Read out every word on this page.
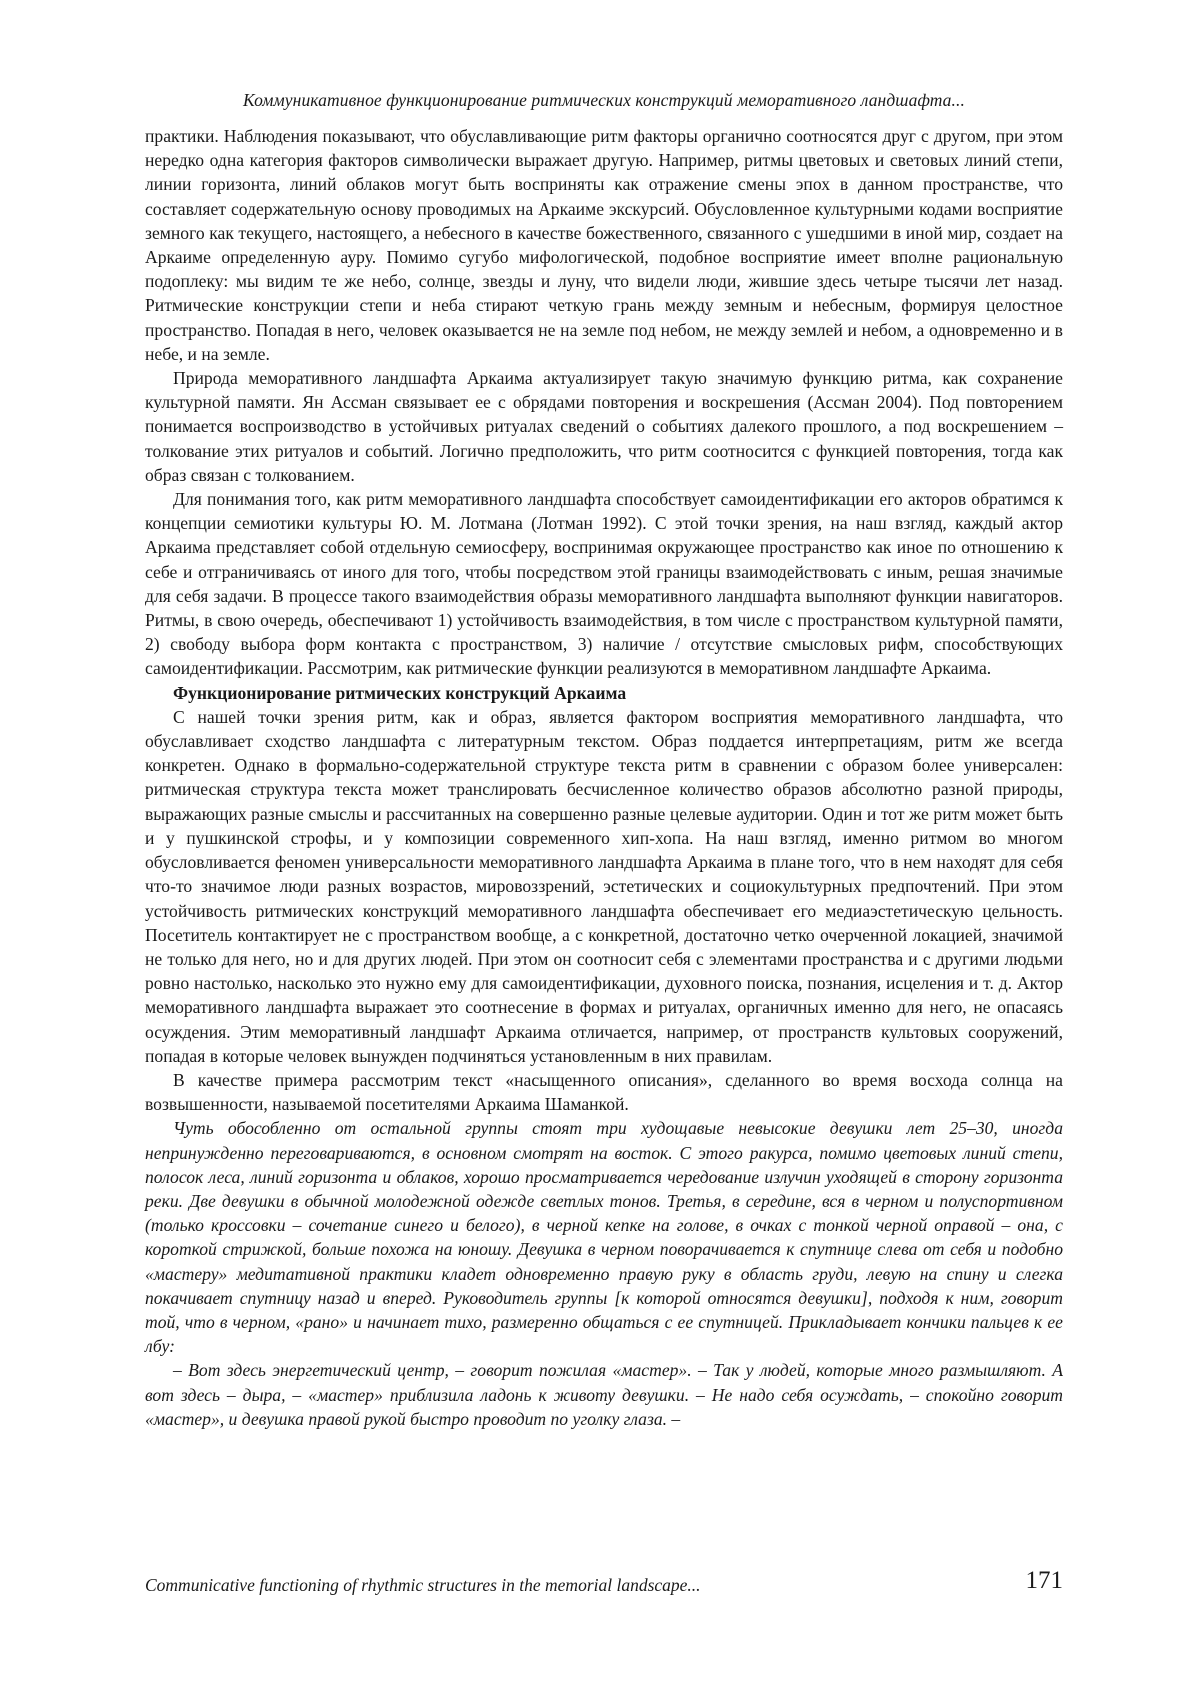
Коммуникативное функционирование ритмических конструкций меморативного ландшафта...

практики. Наблюдения показывают, что обуславливающие ритм факторы органично соотносятся друг с другом, при этом нередко одна категория факторов символически выражает другую. Например, ритмы цветовых и световых линий степи, линии горизонта, линий облаков могут быть восприняты как отражение смены эпох в данном пространстве, что составляет содержательную основу проводимых на Аркаиме экскурсий. Обусловленное культурными кодами восприятие земного как текущего, настоящего, а небесного в качестве божественного, связанного с ушедшими в иной мир, создает на Аркаиме определенную ауру. Помимо сугубо мифологической, подобное восприятие имеет вполне рациональную подоплеку: мы видим те же небо, солнце, звезды и луну, что видели люди, жившие здесь четыре тысячи лет назад. Ритмические конструкции степи и неба стирают четкую грань между земным и небесным, формируя целостное пространство. Попадая в него, человек оказывается не на земле под небом, не между землей и небом, а одновременно и в небе, и на земле.

Природа меморативного ландшафта Аркаима актуализирует такую значимую функцию ритма, как сохранение культурной памяти. Ян Ассман связывает ее с обрядами повторения и воскрешения (Ассман 2004). Под повторением понимается воспроизводство в устойчивых ритуалах сведений о событиях далекого прошлого, а под воскрешением – толкование этих ритуалов и событий. Логично предположить, что ритм соотносится с функцией повторения, тогда как образ связан с толкованием.

Для понимания того, как ритм меморативного ландшафта способствует самоидентификации его акторов обратимся к концепции семиотики культуры Ю. М. Лотмана (Лотман 1992). С этой точки зрения, на наш взгляд, каждый актор Аркаима представляет собой отдельную семиосферу, воспринимая окружающее пространство как иное по отношению к себе и отграничиваясь от иного для того, чтобы посредством этой границы взаимодействовать с иным, решая значимые для себя задачи. В процессе такого взаимодействия образы меморативного ландшафта выполняют функции навигаторов. Ритмы, в свою очередь, обеспечивают 1) устойчивость взаимодействия, в том числе с пространством культурной памяти, 2) свободу выбора форм контакта с пространством, 3) наличие / отсутствие смысловых рифм, способствующих самоидентификации. Рассмотрим, как ритмические функции реализуются в меморативном ландшафте Аркаима.

Функционирование ритмических конструкций Аркаима

С нашей точки зрения ритм, как и образ, является фактором восприятия меморативного ландшафта, что обуславливает сходство ландшафта с литературным текстом. Образ поддается интерпретациям, ритм же всегда конкретен. Однако в формально-содержательной структуре текста ритм в сравнении с образом более универсален: ритмическая структура текста может транслировать бесчисленное количество образов абсолютно разной природы, выражающих разные смыслы и рассчитанных на совершенно разные целевые аудитории. Один и тот же ритм может быть и у пушкинской строфы, и у композиции современного хип-хопа. На наш взгляд, именно ритмом во многом обусловливается феномен универсальности меморативного ландшафта Аркаима в плане того, что в нем находят для себя что-то значимое люди разных возрастов, мировоззрений, эстетических и социокультурных предпочтений. При этом устойчивость ритмических конструкций меморативного ландшафта обеспечивает его медиаэстетическую цельность. Посетитель контактирует не с пространством вообще, а с конкретной, достаточно четко очерченной локацией, значимой не только для него, но и для других людей. При этом он соотносит себя с элементами пространства и с другими людьми ровно настолько, насколько это нужно ему для самоидентификации, духовного поиска, познания, исцеления и т. д. Актор меморативного ландшафта выражает это соотнесение в формах и ритуалах, органичных именно для него, не опасаясь осуждения. Этим меморативный ландшафт Аркаима отличается, например, от пространств культовых сооружений, попадая в которые человек вынужден подчиняться установленным в них правилам.

В качестве примера рассмотрим текст «насыщенного описания», сделанного во время восхода солнца на возвышенности, называемой посетителями Аркаима Шаманкой.

Чуть обособленно от остальной группы стоят три худощавые невысокие девушки лет 25–30, иногда непринужденно переговариваются, в основном смотрят на восток. С этого ракурса, помимо цветовых линий степи, полосок леса, линий горизонта и облаков, хорошо просматривается чередование излучин уходящей в сторону горизонта реки. Две девушки в обычной молодежной одежде светлых тонов. Третья, в середине, вся в черном и полуспортивном (только кроссовки – сочетание синего и белого), в черной кепке на голове, в очках с тонкой черной оправой – она, с короткой стрижкой, больше похожа на юношу. Девушка в черном поворачивается к спутнице слева от себя и подобно «мастеру» медитативной практики кладет одновременно правую руку в область груди, левую на спину и слегка покачивает спутницу назад и вперед. Руководитель группы [к которой относятся девушки], подходя к ним, говорит той, что в черном, «рано» и начинает тихо, размеренно общаться с ее спутницей. Прикладывает кончики пальцев к ее лбу:

– Вот здесь энергетический центр, – говорит пожилая «мастер». – Так у людей, которые много размышляют. А вот здесь – дыра, – «мастер» приблизила ладонь к животу девушки. – Не надо себя осуждать, – спокойно говорит «мастер», и девушка правой рукой быстро проводит по уголку глаза. –

Communicative functioning of rhythmic structures in the memorial landscape...	171
